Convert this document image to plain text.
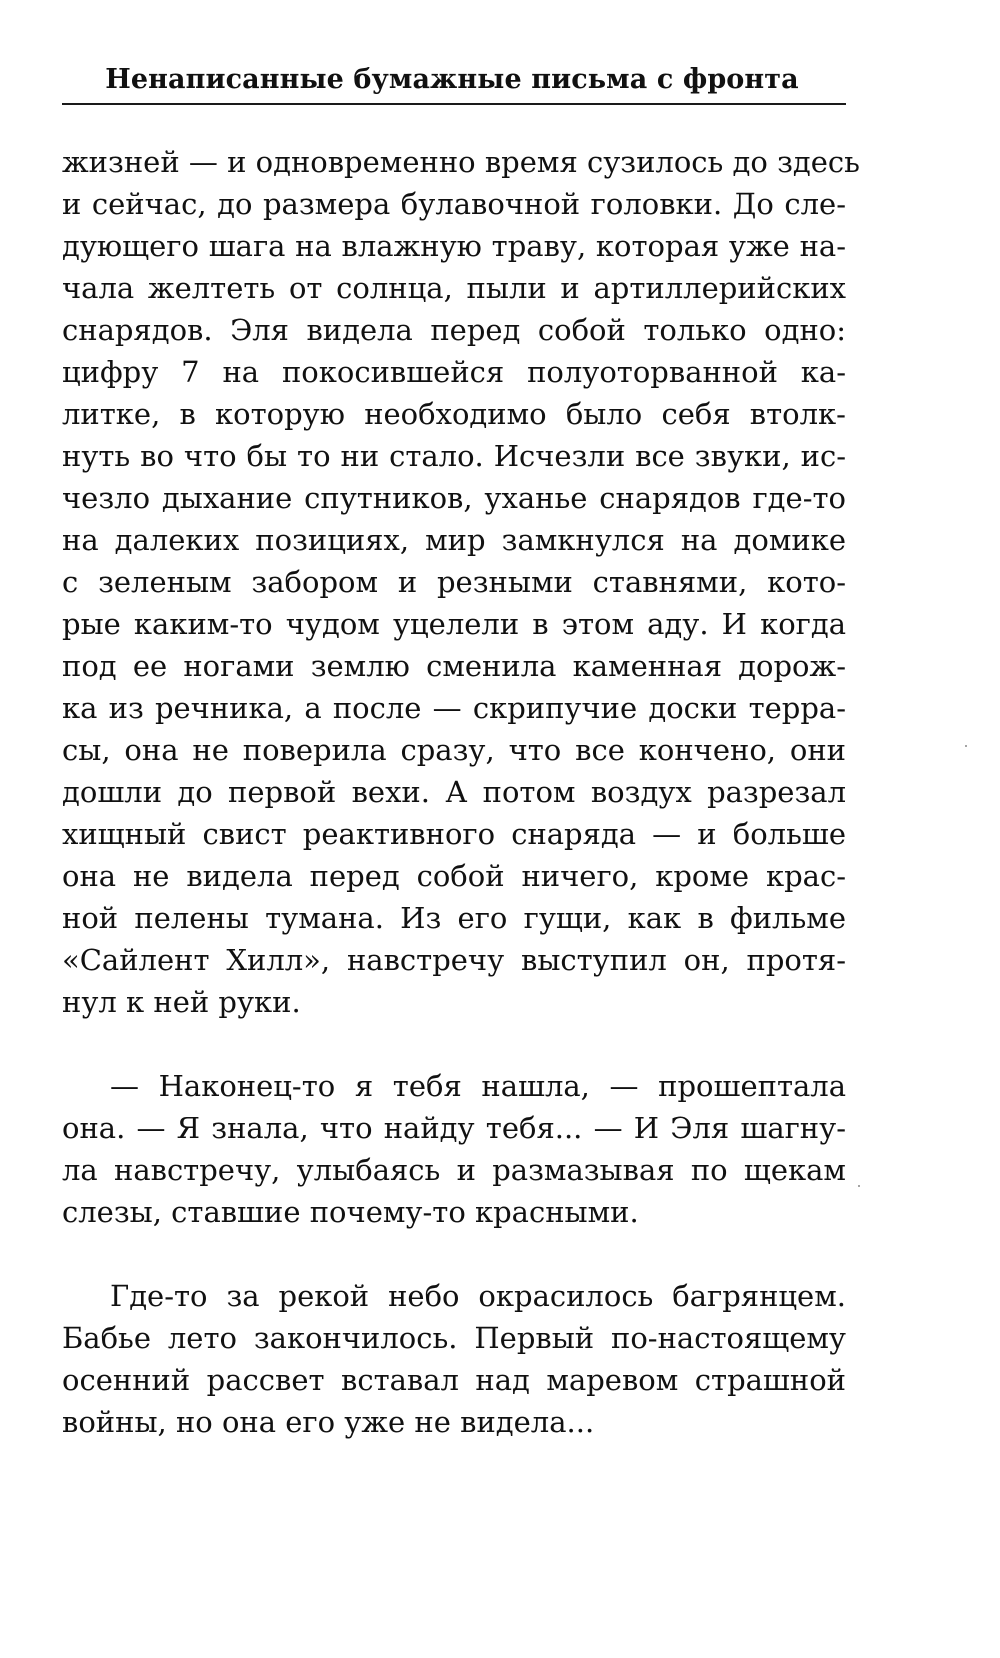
Ненаписанные бумажные письма с фронта
жизней — и одновременно время сузилось до здесь
и сейчас, до размера булавочной головки. До сле-
дующего шага на влажную траву, которая уже на-
чала желтеть от солнца, пыли и артиллерийских
снарядов. Эля видела перед собой только одно:
цифру 7 на покосившейся полуоторванной ка-
литке, в которую необходимо было себя втолк-
нуть во что бы то ни стало. Исчезли все звуки, ис-
чезло дыхание спутников, уханье снарядов где-то
на далеких позициях, мир замкнулся на домике
с зеленым забором и резными ставнями, кото-
рые каким-то чудом уцелели в этом аду. И когда
под ее ногами землю сменила каменная дорож-
ка из речника, а после — скрипучие доски терра-
сы, она не поверила сразу, что все кончено, они
дошли до первой вехи. А потом воздух разрезал
хищный свист реактивного снаряда — и больше
она не видела перед собой ничего, кроме крас-
ной пелены тумана. Из его гущи, как в фильме
«Сайлент Хилл», навстречу выступил он, протя-
нул к ней руки.
— Наконец-то я тебя нашла, — прошептала
она. — Я знала, что найду тебя... — И Эля шагну-
ла навстречу, улыбаясь и размазывая по щекам
слезы, ставшие почему-то красными.
Где-то за рекой небо окрасилось багрянцем.
Бабье лето закончилось. Первый по-настоящему
осенний рассвет вставал над маревом страшной
войны, но она его уже не видела...
